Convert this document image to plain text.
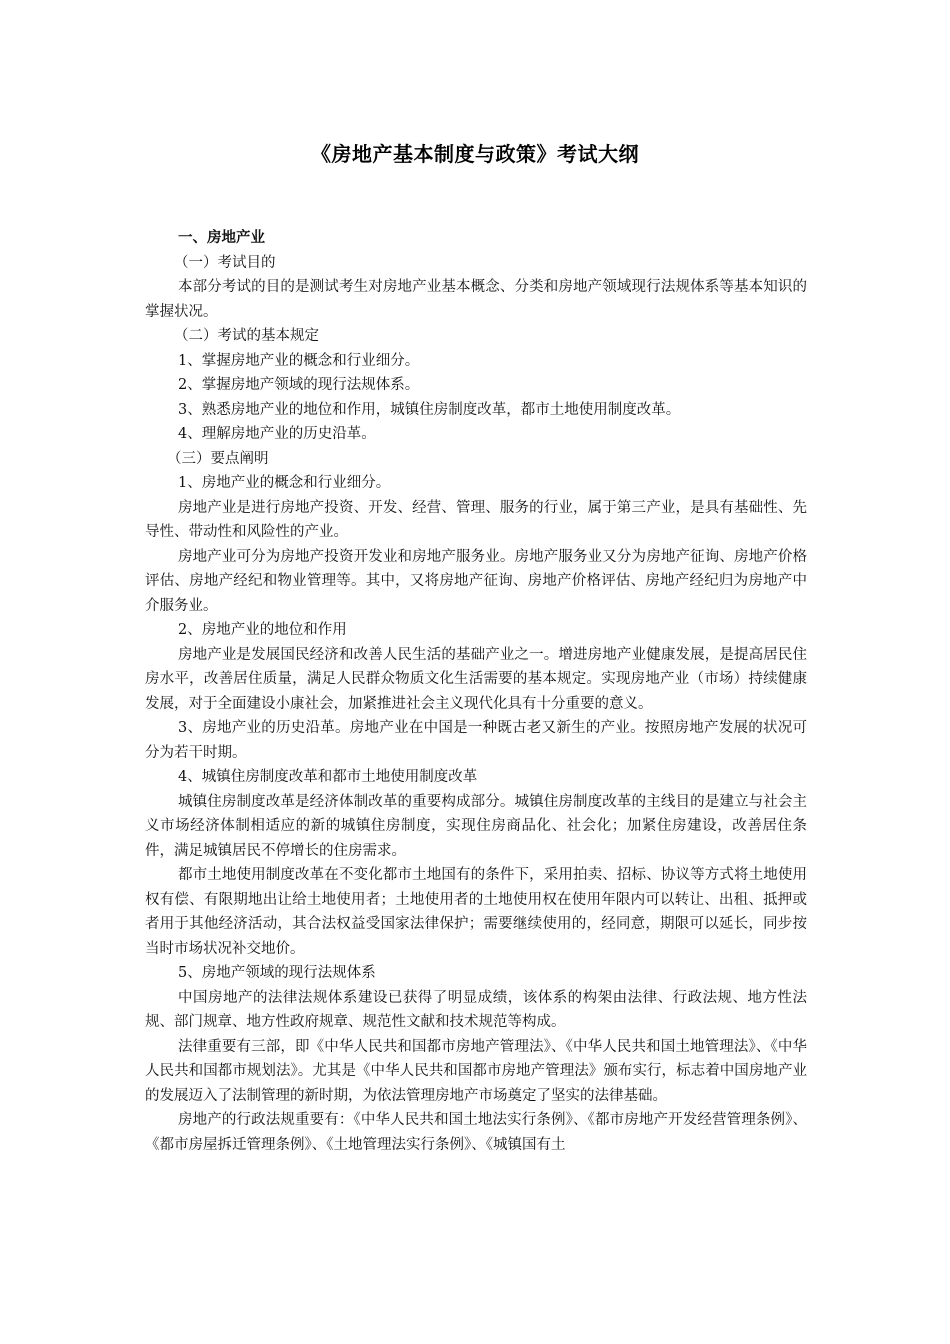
《房地产基本制度与政策》考试大纲

一、房地产业

（一）考试目的

本部分考试的目的是测试考生对房地产业基本概念、分类和房地产领域现行法规体系等基本知识的掌握状况。

（二）考试的基本规定

1、掌握房地产业的概念和行业细分。

2、掌握房地产领域的现行法规体系。

3、熟悉房地产业的地位和作用，城镇住房制度改革，都市土地使用制度改革。

4、理解房地产业的历史沿革。

（三）要点阐明

1、房地产业的概念和行业细分。

房地产业是进行房地产投资、开发、经营、管理、服务的行业，属于第三产业，是具有基础性、先导性、带动性和风险性的产业。

房地产业可分为房地产投资开发业和房地产服务业。房地产服务业又分为房地产征询、房地产价格评估、房地产经纪和物业管理等。其中，又将房地产征询、房地产价格评估、房地产经纪归为房地产中介服务业。

2、房地产业的地位和作用

房地产业是发展国民经济和改善人民生活的基础产业之一。增进房地产业健康发展，是提高居民住房水平，改善居住质量，满足人民群众物质文化生活需要的基本规定。实现房地产业（市场）持续健康发展，对于全面建设小康社会，加紧推进社会主义现代化具有十分重要的意义。

3、房地产业的历史沿革。房地产业在中国是一种既古老又新生的产业。按照房地产发展的状况可分为若干时期。

4、城镇住房制度改革和都市土地使用制度改革

城镇住房制度改革是经济体制改革的重要构成部分。城镇住房制度改革的主线目的是建立与社会主义市场经济体制相适应的新的城镇住房制度，实现住房商品化、社会化；加紧住房建设，改善居住条件，满足城镇居民不停增长的住房需求。

都市土地使用制度改革在不变化都市土地国有的条件下，采用拍卖、招标、协议等方式将土地使用权有偿、有限期地出让给土地使用者；土地使用者的土地使用权在使用年限内可以转让、出租、抵押或者用于其他经济活动，其合法权益受国家法律保护；需要继续使用的，经同意，期限可以延长，同步按当时市场状况补交地价。

5、房地产领域的现行法规体系

中国房地产的法律法规体系建设已获得了明显成绩，该体系的构架由法律、行政法规、地方性法规、部门规章、地方性政府规章、规范性文献和技术规范等构成。

法律重要有三部，即《中华人民共和国都市房地产管理法》、《中华人民共和国土地管理法》、《中华人民共和国都市规划法》。尤其是《中华人民共和国都市房地产管理法》颁布实行，标志着中国房地产业的发展迈入了法制管理的新时期，为依法管理房地产市场奠定了坚实的法律基础。

房地产的行政法规重要有：《中华人民共和国土地法实行条例》、《都市房地产开发经营管理条例》、《都市房屋拆迁管理条例》、《土地管理法实行条例》、《城镇国有土
